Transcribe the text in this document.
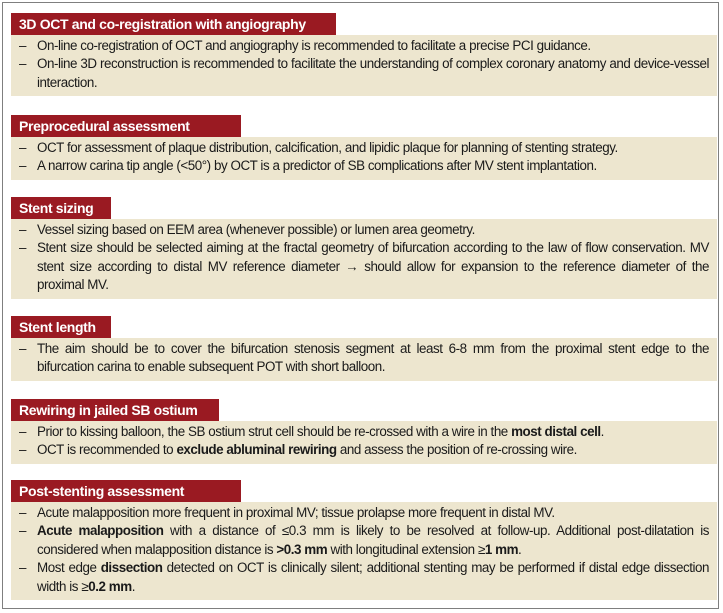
3D OCT and co-registration with angiography
– On-line co-registration of OCT and angiography is recommended to facilitate a precise PCI guidance.
– On-line 3D reconstruction is recommended to facilitate the understanding of complex coronary anatomy and device-vessel interaction.
Preprocedural assessment
– OCT for assessment of plaque distribution, calcification, and lipidic plaque for planning of stenting strategy.
– A narrow carina tip angle (<50°) by OCT is a predictor of SB complications after MV stent implantation.
Stent sizing
– Vessel sizing based on EEM area (whenever possible) or lumen area geometry.
– Stent size should be selected aiming at the fractal geometry of bifurcation according to the law of flow conservation. MV stent size according to distal MV reference diameter → should allow for expansion to the reference diameter of the proximal MV.
Stent length
– The aim should be to cover the bifurcation stenosis segment at least 6-8 mm from the proximal stent edge to the bifurcation carina to enable subsequent POT with short balloon.
Rewiring in jailed SB ostium
– Prior to kissing balloon, the SB ostium strut cell should be re-crossed with a wire in the most distal cell.
– OCT is recommended to exclude abluminal rewiring and assess the position of re-crossing wire.
Post-stenting assessment
– Acute malapposition more frequent in proximal MV; tissue prolapse more frequent in distal MV.
– Acute malapposition with a distance of ≤0.3 mm is likely to be resolved at follow-up. Additional post-dilatation is considered when malapposition distance is >0.3 mm with longitudinal extension ≥1 mm.
– Most edge dissection detected on OCT is clinically silent; additional stenting may be performed if distal edge dissection width is ≥0.2 mm.
